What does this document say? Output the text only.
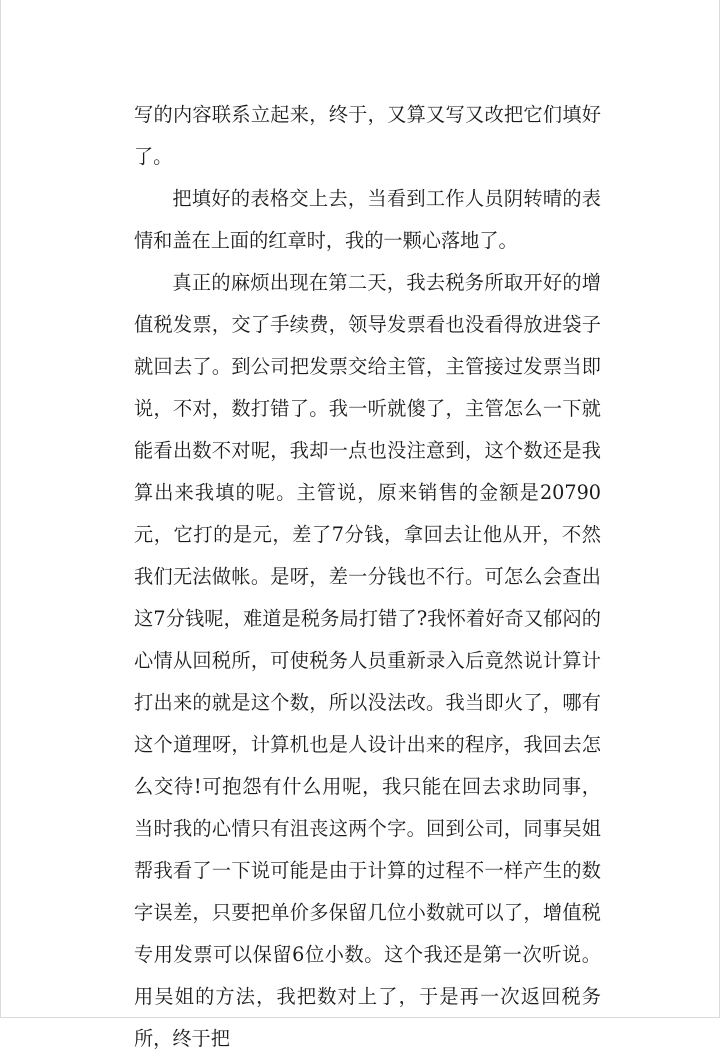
写的内容联系立起来，终于，又算又写又改把它们填好了。

把填好的表格交上去，当看到工作人员阴转晴的表情和盖在上面的红章时，我的一颗心落地了。

真正的麻烦出现在第二天，我去税务所取开好的增值税发票，交了手续费，领导发票看也没看得放进袋子就回去了。到公司把发票交给主管，主管接过发票当即说，不对，数打错了。我一听就傻了，主管怎么一下就能看出数不对呢，我却一点也没注意到，这个数还是我算出来我填的呢。主管说，原来销售的金额是20790元，它打的是元，差了7分钱，拿回去让他从开，不然我们无法做帐。是呀，差一分钱也不行。可怎么会查出这7分钱呢，难道是税务局打错了?我怀着好奇又郁闷的心情从回税所，可使税务人员重新录入后竟然说计算计打出来的就是这个数，所以没法改。我当即火了，哪有这个道理呀，计算机也是人设计出来的程序，我回去怎么交待!可抱怨有什么用呢，我只能在回去求助同事，当时我的心情只有沮丧这两个字。回到公司，同事吴姐帮我看了一下说可能是由于计算的过程不一样产生的数字误差，只要把单价多保留几位小数就可以了，增值税专用发票可以保留6位小数。这个我还是第一次听说。用吴姐的方法，我把数对上了，于是再一次返回税务所，终于把
